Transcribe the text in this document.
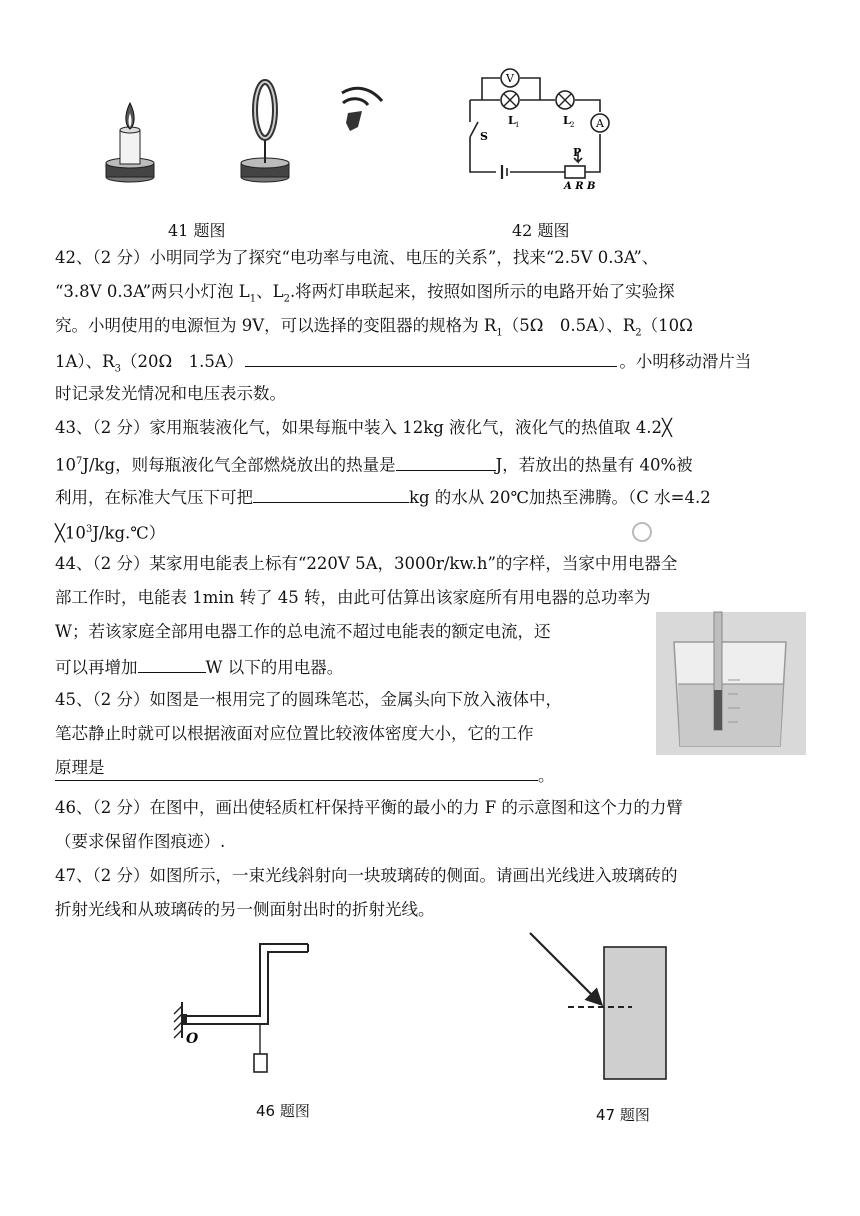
V
L 1	L 2 A
S
P
A R B
41 题图	42 题图
42、（2 分）小明同学为了探究“电功率与电流、电压的关系”，找来“2.5V 0.3A”、
“3.8V 0.3A”两只小灯泡 $L_1$、$L_2$.将两灯串联起来，按照如图所示的电路开始了实验探
究。小明使用的电源恒为 9V，可以选择的变阻器的规格为 $R_1(5\Omega$　0.5A）、$R_2(10\Omega$
1A）、$R_3(20\Omega$　1.5A）	。小明移动滑片当
时记录发光情况和电压表示数。
43、（2 分）家用瓶装液化气，如果每瓶中装入 12kg 液化气，液化气的热值取 4.2╳
$10^7J/kg$，则每瓶液化气全部燃烧放出的热量是	J，若放出的热量有 40%被
利用，在标准大气压下可把	kg 的水从 20℃加热至沸腾。（C 水=4.2
$╳10^3J/kg.℃$）
44、（2 分）某家用电能表上标有“220V 5A，3000r/kw.h”的字样，当家中用电器全
部工作时，电能表 1min 转了 45 转，由此可估算出该家庭所有用电器的总功率为
W；若该家庭全部用电器工作的总电流不超过电能表的额定电流，还
可以再增加	W 以下的用电器。
45、（2 分）如图是一根用完了的圆珠笔芯，金属头向下放入液体中，
笔芯静止时就可以根据液面对应位置比较液体密度大小，它的工作
原理是	。
46、（2 分）在图中，画出使轻质杠杆保持平衡的最小的力 F 的示意图和这个力的力臂
（要求保留作图痕迹）.
47、（2 分）如图所示，一束光线斜射向一块玻璃砖的侧面。请画出光线进入玻璃砖的
折射光线和从玻璃砖的另一侧面射出时的折射光线。
O
46 题图	47 题图
